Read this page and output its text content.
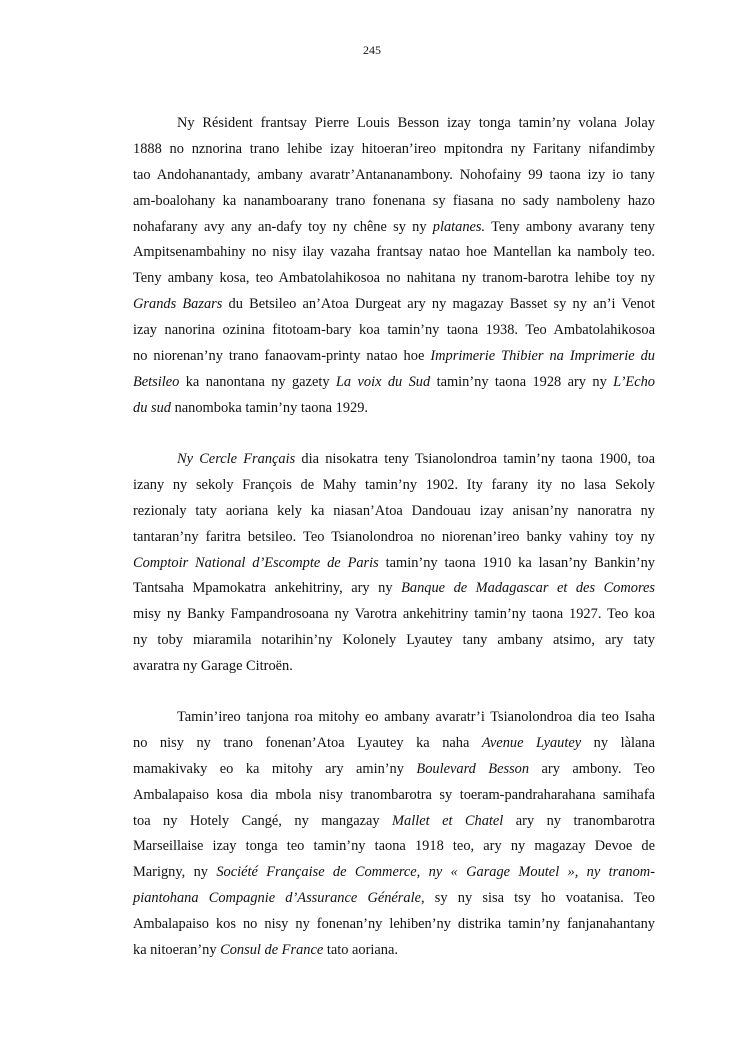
245
Ny Résident frantsay Pierre Louis Besson izay tonga tamin’ny volana Jolay
1888 no nznorina trano lehibe izay hitoeran’ireo mpitondra ny Faritany nifandimby
tao Andohanantady, ambany avaratr’Antananambony. Nohofainy 99 taona izy io tany
am-boalohany ka nanamboarany trano fonenana sy fiasana no sady namboleny hazo
nohafarany avy any an-dafy toy ny chêne sy ny platanes. Teny ambony avarany teny
Ampitsenambahiny no nisy ilay vazaha frantsay natao hoe Mantellan ka namboly teo.
Teny ambany kosa, teo Ambatolahikosoa no nahitana ny tranom-barotra lehibe toy ny
Grands Bazars du Betsileo an’Atoa Durgeat ary ny magazay Basset sy ny an’i Venot
izay nanorina ozinina fitotoam-bary koa tamin’ny taona 1938. Teo Ambatolahikosoa
no niorenan’ny trano fanaovam-printy natao hoe Imprimerie Thibier na Imprimerie du
Betsileo ka nanontana ny gazety La voix du Sud tamin’ny taona 1928 ary ny L’Echo
du sud nanomboka tamin’ny taona 1929.
Ny Cercle Français dia nisokatra teny Tsianolondroa tamin’ny taona 1900, toa
izany ny sekoly François de Mahy tamin’ny 1902. Ity farany ity no lasa Sekoly
rezionaly taty aoriana kely ka niasan’Atoa Dandouau izay anisan’ny nanoratra ny
tantaran’ny faritra betsileo. Teo Tsianolondroa no niorenan’ireo banky vahiny toy ny
Comptoir National d’Escompte de Paris tamin’ny taona 1910 ka lasan’ny Bankin’ny
Tantsaha Mpamokatra ankehitriny, ary ny Banque de Madagascar et des Comores
misy ny Banky Fampandrosoana ny Varotra ankehitriny tamin’ny taona 1927. Teo koa
ny toby miaramila notarihin’ny Kolonely Lyautey tany ambany atsimo, ary taty
avaratra ny Garage Citroën.
Tamin’ireo tanjona roa mitohy eo ambany avaratr’i Tsianolondroa dia teo Isaha
no nisy ny trano fonenan’Atoa Lyautey ka naha Avenue Lyautey ny làlana
mamakivaky eo ka mitohy ary amin’ny Boulevard Besson ary ambony. Teo
Ambalapaiso kosa dia mbola nisy tranombarotra sy toeram-pandraharahana samihafa
toa ny Hotely Cangé, ny mangazay Mallet et Chatel ary ny tranombarotra
Marseillaise izay tonga teo tamin’ny taona 1918 teo, ary ny magazay Devoe de
Marigny, ny Société Française de Commerce, ny « Garage Moutel », ny tranom-
piantohana Compagnie d’Assurance Générale, sy ny sisa tsy ho voatanisa. Teo
Ambalapaiso kos no nisy ny fonenan’ny lehiben’ny distrika tamin’ny fanjanahantany
ka nitoeran’ny Consul de France tato aoriana.
